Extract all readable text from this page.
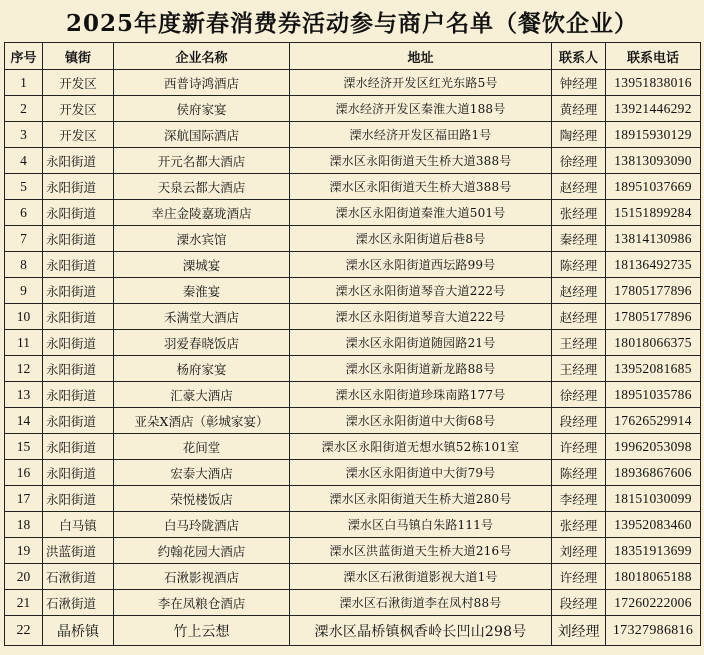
2025年度新春消费券活动参与商户名单（餐饮企业）
序号	镇街	企业名称	地址	联系人	联系电话
1	开发区	西普诗鸿酒店	溧水经济开发区红光东路5号	钟经理	13951838016
2	开发区	侯府家宴	溧水经济开发区秦淮大道188号	黄经理	13921446292
3	开发区	深航国际酒店	溧水经济开发区福田路1号	陶经理	18915930129
4	永阳街道	开元名都大酒店	溧水区永阳街道天生桥大道388号	徐经理	13813093090
5	永阳街道	天泉云都大酒店	溧水区永阳街道天生桥大道388号	赵经理	18951037669
6	永阳街道	幸庄金陵嘉珑酒店	溧水区永阳街道秦淮大道501号	张经理	15151899284
7	永阳街道	溧水宾馆	溧水区永阳街道后巷8号	秦经理	13814130986
8	永阳街道	溧城宴	溧水区永阳街道西坛路99号	陈经理	18136492735
9	永阳街道	秦淮宴	溧水区永阳街道琴音大道222号	赵经理	17805177896
10	永阳街道	禾满堂大酒店	溧水区永阳街道琴音大道222号	赵经理	17805177896
11	永阳街道	羽爱春晓饭店	溧水区永阳街道随园路21号	王经理	18018066375
12	永阳街道	杨府家宴	溧水区永阳街道新龙路88号	王经理	13952081685
13	永阳街道	汇豪大酒店	溧水区永阳街道珍珠南路177号	徐经理	18951035786
14	永阳街道	亚朵X酒店（彰城家宴）	溧水区永阳街道中大街68号	段经理	17626529914
15	永阳街道	花间堂	溧水区永阳街道无想水镇52栋101室	许经理	19962053098
16	永阳街道	宏泰大酒店	溧水区永阳街道中大街79号	陈经理	18936867606
17	永阳街道	荣悦楼饭店	溧水区永阳街道天生桥大道280号	李经理	18151030099
18	白马镇	白马玲陇酒店	溧水区白马镇白朱路111号	张经理	13952083460
19	洪蓝街道	约翰花园大酒店	溧水区洪蓝街道天生桥大道216号	刘经理	18351913699
20	石湫街道	石湫影视酒店	溧水区石湫街道影视大道1号	许经理	18018065188
21	石湫街道	李在凤粮仓酒店	溧水区石湫街道李在凤村88号	段经理	17260222006
22	晶桥镇	竹上云想	溧水区晶桥镇枫香岭长凹山298号	刘经理	17327986816
